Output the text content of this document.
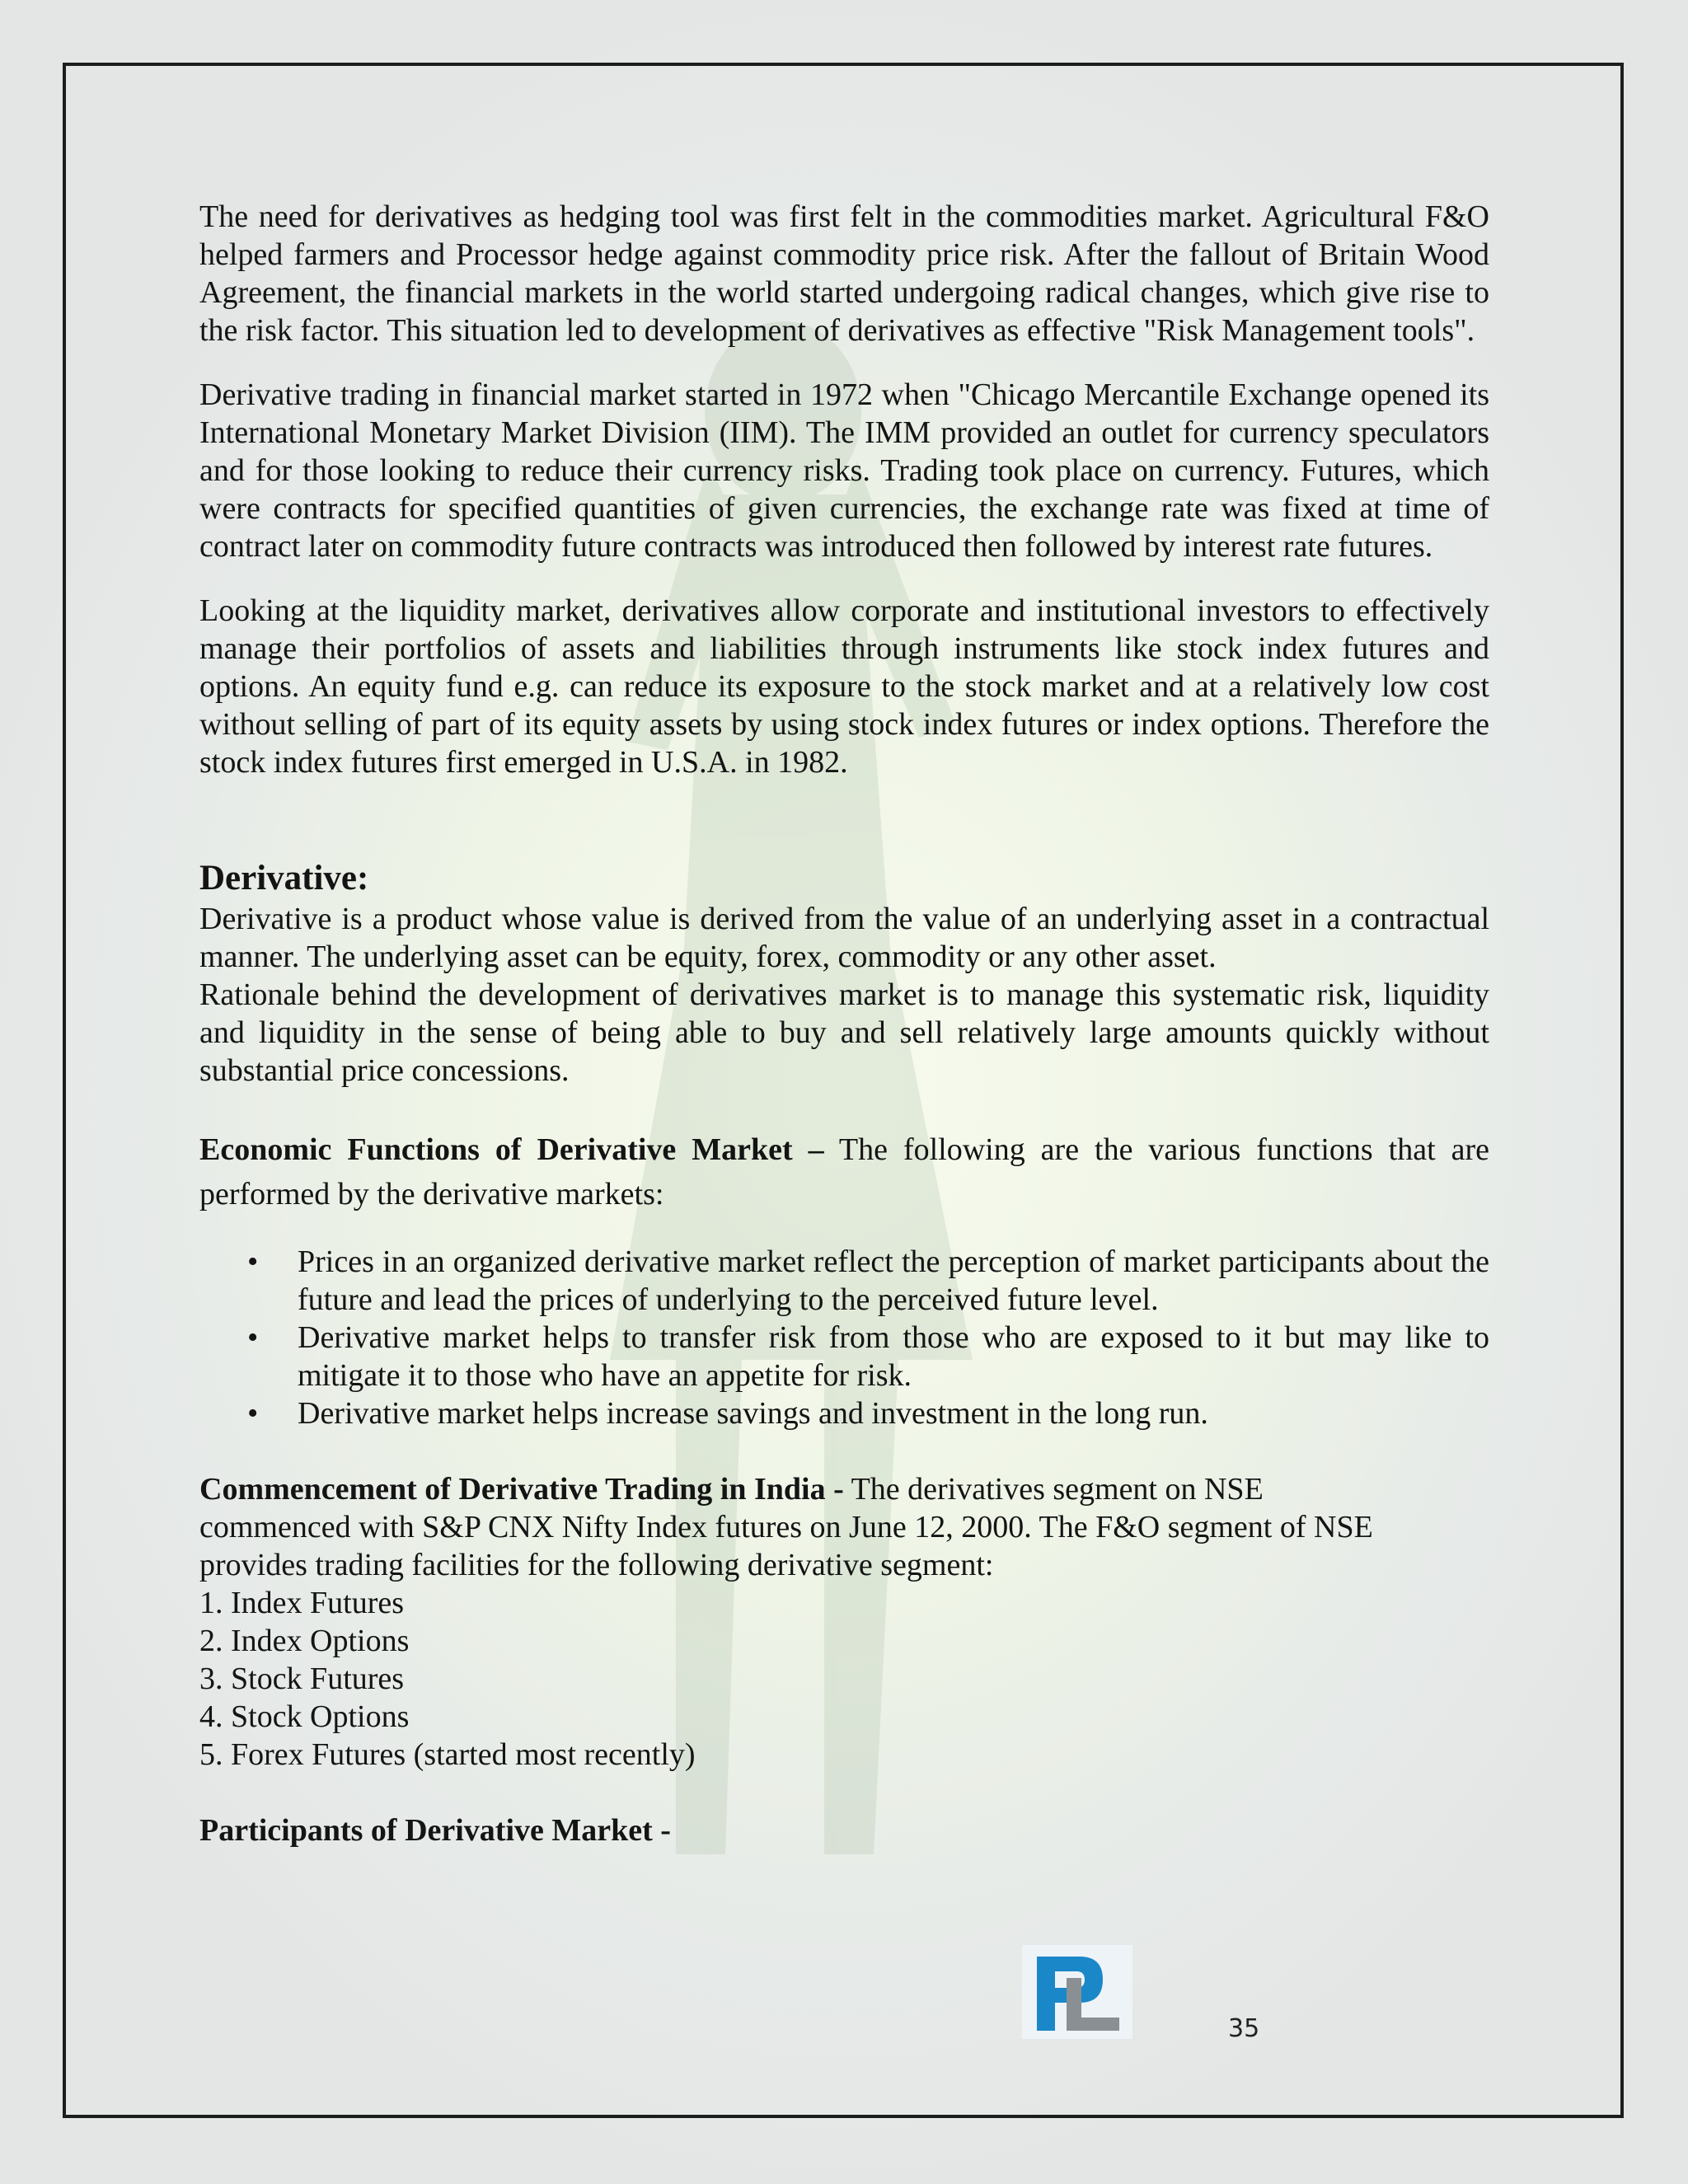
The need for derivatives as hedging tool was first felt in the commodities market. Agricultural F&O helped farmers and Processor hedge against commodity price risk. After the fallout of Britain Wood Agreement, the financial markets in the world started undergoing radical changes, which give rise to the risk factor. This situation led to development of derivatives as effective "Risk Management tools".

Derivative trading in financial market started in 1972 when "Chicago Mercantile Exchange opened its International Monetary Market Division (IIM). The IMM provided an outlet for currency speculators and for those looking to reduce their currency risks. Trading took place on currency. Futures, which were contracts for specified quantities of given currencies, the exchange rate was fixed at time of contract later on commodity future contracts was introduced then followed by interest rate futures.

Looking at the liquidity market, derivatives allow corporate and institutional investors to effectively manage their portfolios of assets and liabilities through instruments like stock index futures and options. An equity fund e.g. can reduce its exposure to the stock market and at a relatively low cost without selling of part of its equity assets by using stock index futures or index options. Therefore the stock index futures first emerged in U.S.A. in 1982.

Derivative:

Derivative is a product whose value is derived from the value of an underlying asset in a contractual manner. The underlying asset can be equity, forex, commodity or any other asset.

Rationale behind the development of derivatives market is to manage this systematic risk, liquidity and liquidity in the sense of being able to buy and sell relatively large amounts quickly without substantial price concessions.

Economic Functions of Derivative Market – The following are the various functions that are performed by the derivative markets:

• Prices in an organized derivative market reflect the perception of market participants about the future and lead the prices of underlying to the perceived future level.
• Derivative market helps to transfer risk from those who are exposed to it but may like to mitigate it to those who have an appetite for risk.
• Derivative market helps increase savings and investment in the long run.
Commencement of Derivative Trading in India - The derivatives segment on NSE
commenced with S&P CNX Nifty Index futures on June 12, 2000. The F&O segment of NSE
provides trading facilities for the following derivative segment:
1. Index Futures
2. Index Options
3. Stock Futures
4. Stock Options
5. Forex Futures (started most recently)
Participants of Derivative Market -
35
